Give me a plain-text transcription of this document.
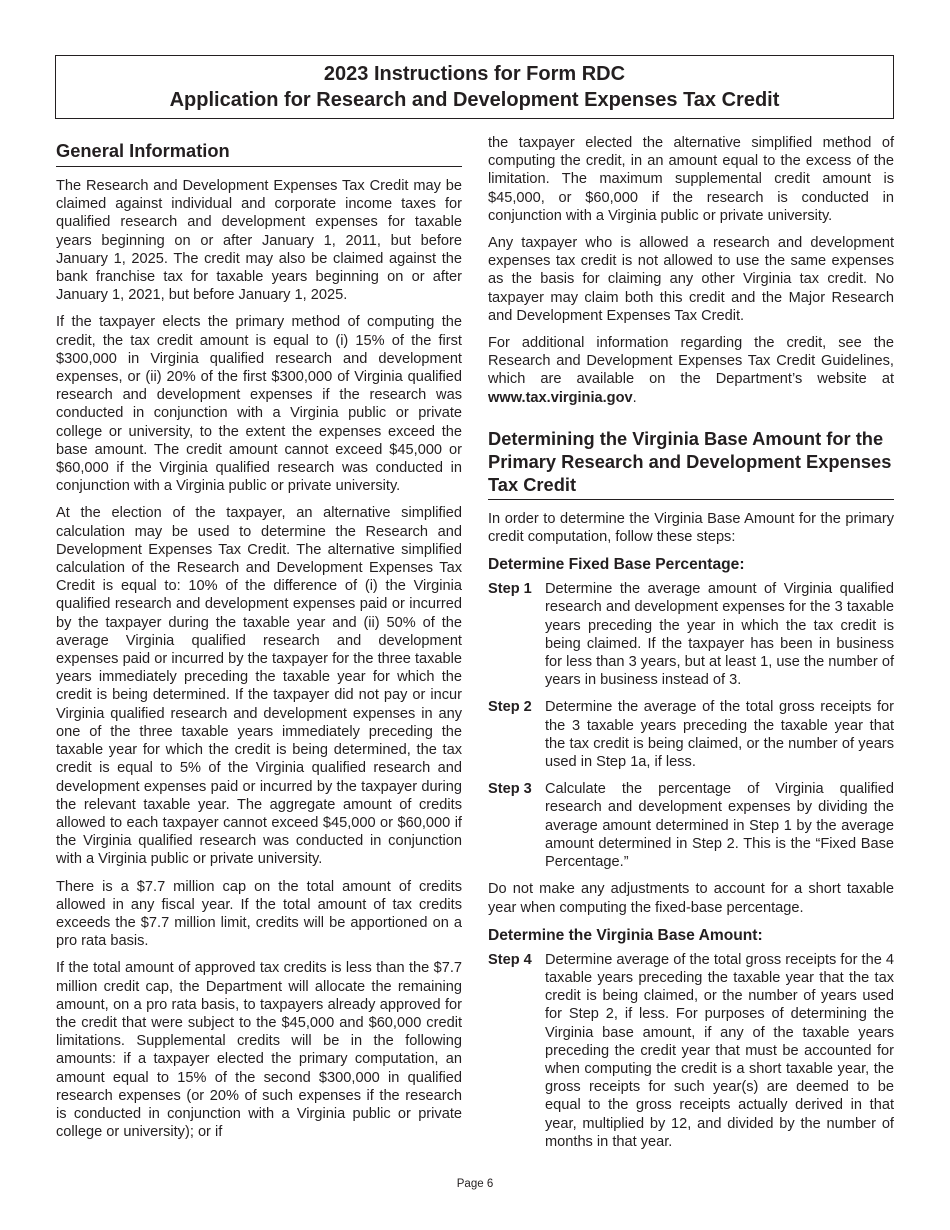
2023 Instructions for Form RDC
Application for Research and Development Expenses Tax Credit
General Information

The Research and Development Expenses Tax Credit may be claimed against individual and corporate income taxes for qualified research and development expenses for taxable years beginning on or after January 1, 2011, but before January 1, 2025. The credit may also be claimed against the bank franchise tax for taxable years beginning on or after January 1, 2021, but before January 1, 2025.

If the taxpayer elects the primary method of computing the credit, the tax credit amount is equal to (i) 15% of the first $300,000 in Virginia qualified research and development expenses, or (ii) 20% of the first $300,000 of Virginia qualified research and development expenses if the research was conducted in conjunction with a Virginia public or private college or university, to the extent the expenses exceed the base amount. The credit amount cannot exceed $45,000 or $60,000 if the Virginia qualified research was conducted in conjunction with a Virginia public or private university.

At the election of the taxpayer, an alternative simplified calculation may be used to determine the Research and Development Expenses Tax Credit. The alternative simplified calculation of the Research and Development Expenses Tax Credit is equal to: 10% of the difference of (i) the Virginia qualified research and development expenses paid or incurred by the taxpayer during the taxable year and (ii) 50% of the average Virginia qualified research and development expenses paid or incurred by the taxpayer for the three taxable years immediately preceding the taxable year for which the credit is being determined. If the taxpayer did not pay or incur Virginia qualified research and development expenses in any one of the three taxable years immediately preceding the taxable year for which the credit is being determined, the tax credit is equal to 5% of the Virginia qualified research and development expenses paid or incurred by the taxpayer during the relevant taxable year. The aggregate amount of credits allowed to each taxpayer cannot exceed $45,000 or $60,000 if the Virginia qualified research was conducted in conjunction with a Virginia public or private university.

There is a $7.7 million cap on the total amount of credits allowed in any fiscal year. If the total amount of tax credits exceeds the $7.7 million limit, credits will be apportioned on a pro rata basis.

If the total amount of approved tax credits is less than the $7.7 million credit cap, the Department will allocate the remaining amount, on a pro rata basis, to taxpayers already approved for the credit that were subject to the $45,000 and $60,000 credit limitations. Supplemental credits will be in the following amounts: if a taxpayer elected the primary computation, an amount equal to 15% of the second $300,000 in qualified research expenses (or 20% of such expenses if the research is conducted in conjunction with a Virginia public or private college or university); or if

the taxpayer elected the alternative simplified method of computing the credit, in an amount equal to the excess of the limitation. The maximum supplemental credit amount is $45,000, or $60,000 if the research is conducted in conjunction with a Virginia public or private university.

Any taxpayer who is allowed a research and development expenses tax credit is not allowed to use the same expenses as the basis for claiming any other Virginia tax credit. No taxpayer may claim both this credit and the Major Research and Development Expenses Tax Credit.

For additional information regarding the credit, see the Research and Development Expenses Tax Credit Guidelines, which are available on the Department’s website at www.tax.virginia.gov.

Determining the Virginia Base Amount for the Primary Research and Development Expenses Tax Credit

In order to determine the Virginia Base Amount for the primary credit computation, follow these steps:

Determine Fixed Base Percentage:
Step 1 Determine the average amount of Virginia qualified research and development expenses for the 3 taxable years preceding the year in which the tax credit is being claimed. If the taxpayer has been in business for less than 3 years, but at least 1, use the number of years in business instead of 3.
Step 2 Determine the average of the total gross receipts for the 3 taxable years preceding the taxable year that the tax credit is being claimed, or the number of years used in Step 1a, if less.
Step 3 Calculate the percentage of Virginia qualified research and development expenses by dividing the average amount determined in Step 1 by the average amount determined in Step 2. This is the “Fixed Base Percentage.”

Do not make any adjustments to account for a short taxable year when computing the fixed-base percentage.

Determine the Virginia Base Amount:
Step 4 Determine average of the total gross receipts for the 4 taxable years preceding the taxable year that the tax credit is being claimed, or the number of years used for Step 2, if less. For purposes of determining the Virginia base amount, if any of the taxable years preceding the credit year that must be accounted for when computing the credit is a short taxable year, the gross receipts for such year(s) are deemed to be equal to the gross receipts actually derived in that year, multiplied by 12, and divided by the number of months in that year.
Page 6
